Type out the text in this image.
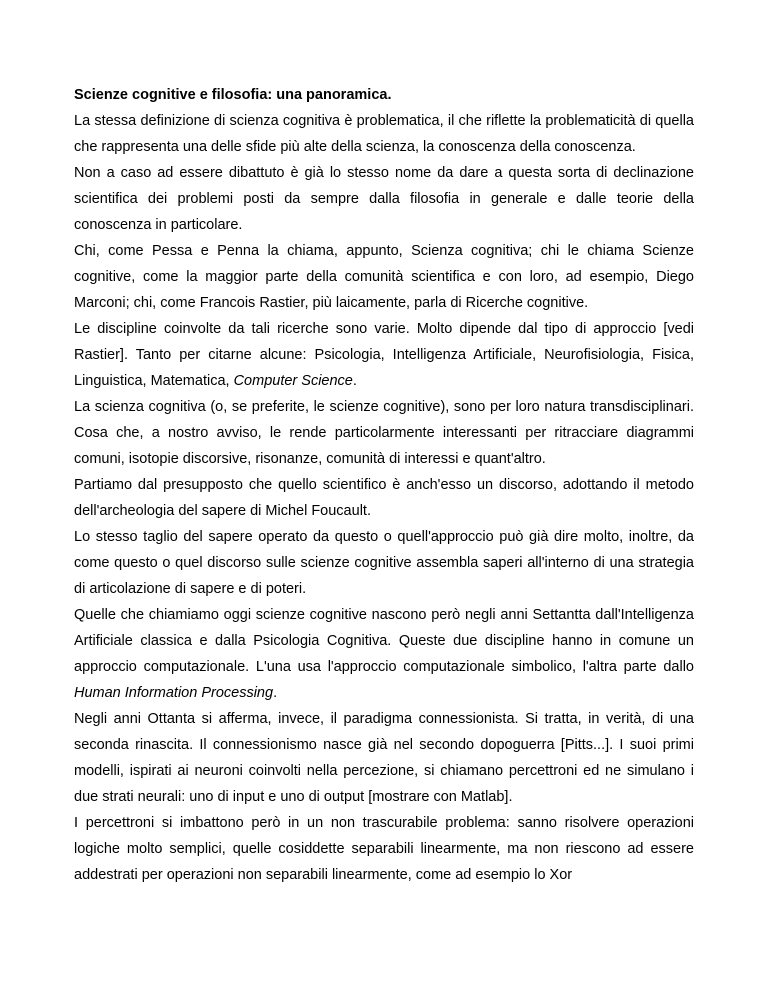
Scienze cognitive e filosofia: una panoramica.

La stessa definizione di scienza cognitiva è problematica, il che riflette la problematicità di quella che rappresenta una delle sfide più alte della scienza, la conoscenza della conoscenza.

Non a caso ad essere dibattuto è già lo stesso nome da dare a questa sorta di declinazione scientifica dei problemi posti da sempre dalla filosofia in generale e dalle teorie della conoscenza in particolare.

Chi, come Pessa e Penna la chiama, appunto, Scienza cognitiva; chi le chiama Scienze cognitive, come la maggior parte della comunità scientifica e con loro, ad esempio, Diego Marconi; chi, come Francois Rastier, più laicamente, parla di Ricerche cognitive.

Le discipline coinvolte da tali ricerche sono varie. Molto dipende dal tipo di approccio [vedi Rastier]. Tanto per citarne alcune: Psicologia, Intelligenza Artificiale, Neurofisiologia, Fisica, Linguistica, Matematica, Computer Science.

La scienza cognitiva (o, se preferite, le scienze cognitive), sono per loro natura transdisciplinari. Cosa che, a nostro avviso, le rende particolarmente interessanti per ritracciare diagrammi comuni, isotopie discorsive, risonanze, comunità di interessi e quant'altro.

Partiamo dal presupposto che quello scientifico è anch'esso un discorso, adottando il metodo dell'archeologia del sapere di Michel Foucault.

Lo stesso taglio del sapere operato da questo o quell'approccio può già dire molto, inoltre, da come questo o quel discorso sulle scienze cognitive assembla saperi all'interno di una strategia di articolazione di sapere e di poteri.

Quelle che chiamiamo oggi scienze cognitive nascono però negli anni Settantta dall'Intelligenza Artificiale classica e dalla Psicologia Cognitiva. Queste due discipline hanno in comune un approccio computazionale. L'una usa l'approccio computazionale simbolico, l'altra parte dallo Human Information Processing.

Negli anni Ottanta si afferma, invece, il paradigma connessionista. Si tratta, in verità, di una seconda rinascita. Il connessionismo nasce già nel secondo dopoguerra [Pitts...]. I suoi primi modelli, ispirati ai neuroni coinvolti nella percezione, si chiamano percettroni ed ne simulano i due strati neurali: uno di input e uno di output [mostrare con Matlab].

I percettroni si imbattono però in un non trascurabile problema: sanno risolvere operazioni logiche molto semplici, quelle cosiddette separabili linearmente, ma non riescono ad essere addestrati per operazioni non separabili linearmente, come ad esempio lo Xor
